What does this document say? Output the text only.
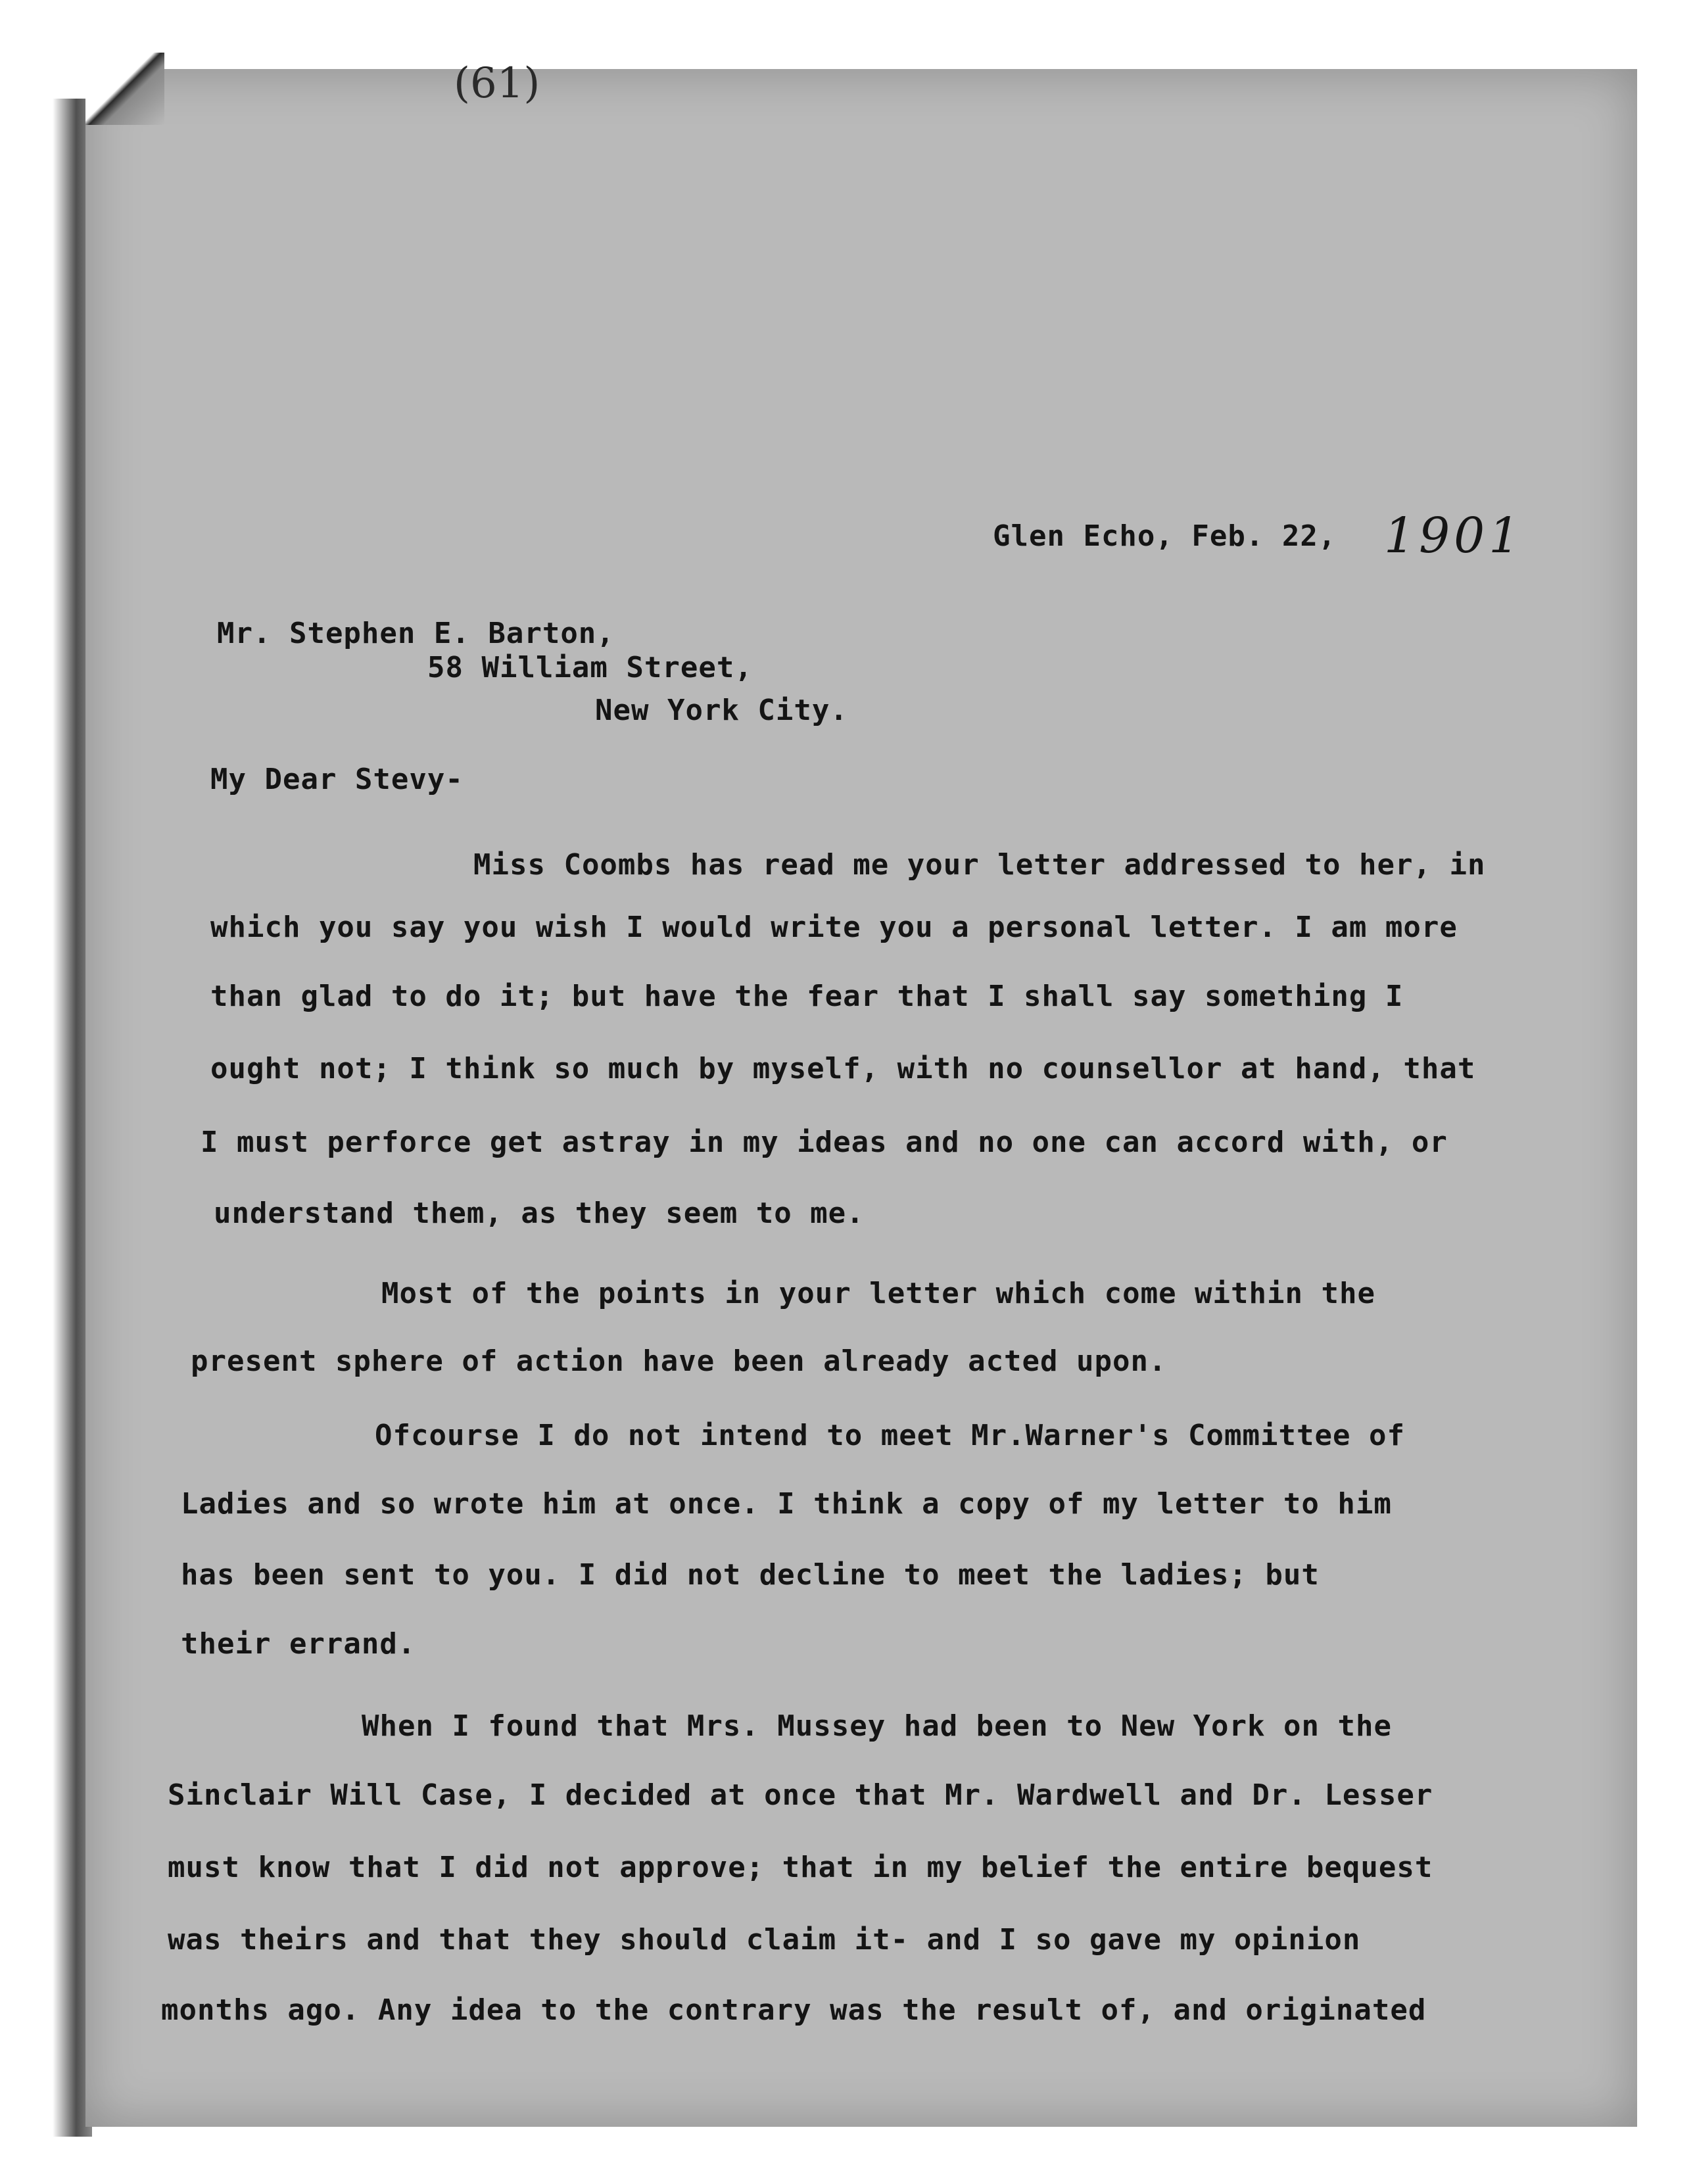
(61)
Glen Echo, Feb. 22, 1901
Mr. Stephen E. Barton,
58 William Street,
New York City.
My Dear Stevy-
Miss Coombs has read me your letter addressed to her, in
which you say you wish I would write you a personal letter. I am more
than glad to do it; but have the fear that I shall say something I
ought not; I think so much by myself, with no counsellor at hand, that
I must perforce get astray in my ideas and no one can accord with, or
understand them, as they seem to me.
Most of the points in your letter which come within the
present sphere of action have been already acted upon.
Ofcourse I do not intend to meet Mr.Warner's Committee of
Ladies and so wrote him at once. I think a copy of my letter to him
has been sent to you. I did not decline to meet the ladies; but
their errand.
When I found that Mrs. Mussey had been to New York on the
Sinclair Will Case, I decided at once that Mr. Wardwell and Dr. Lesser
must know that I did not approve; that in my belief the entire bequest
was theirs and that they should claim it- and I so gave my opinion
months ago. Any idea to the contrary was the result of, and originated
